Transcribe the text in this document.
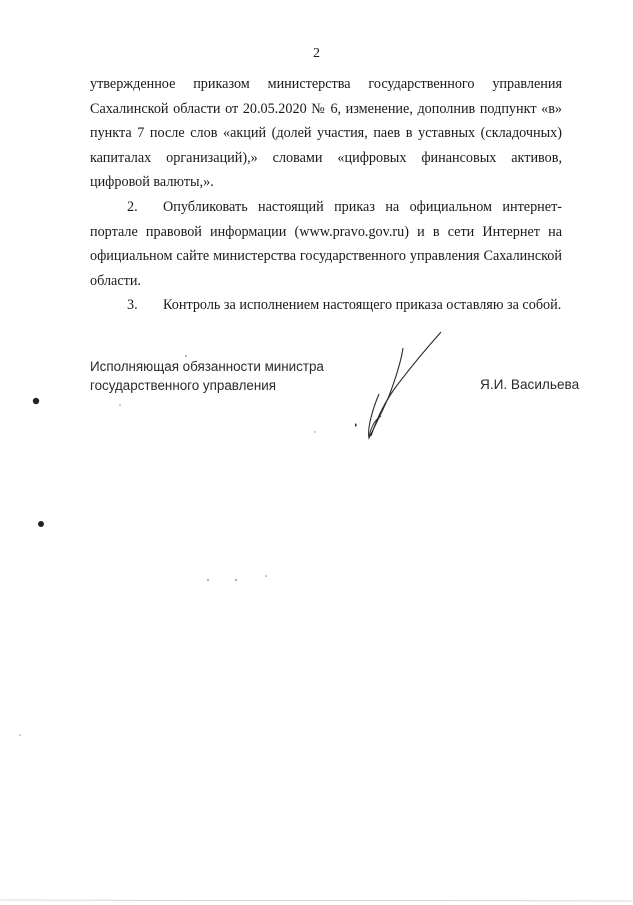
2
утвержденное приказом министерства государственного управления
Сахалинской области от 20.05.2020 № 6, изменение, дополнив подпункт «в»
пункта 7 после слов «акций (долей участия, паев в уставных (складочных)
капиталах организаций),» словами «цифровых финансовых активов,
цифровой валюты,».
2. Опубликовать настоящий приказ на официальном интернет-
портале правовой информации (www.pravo.gov.ru) и в сети Интернет на
официальном сайте министерства государственного управления Сахалинской
области.
3. Контроль за исполнением настоящего приказа оставляю за собой.
Исполняющая обязанности министра
государственного управления	Я.И. Васильева
